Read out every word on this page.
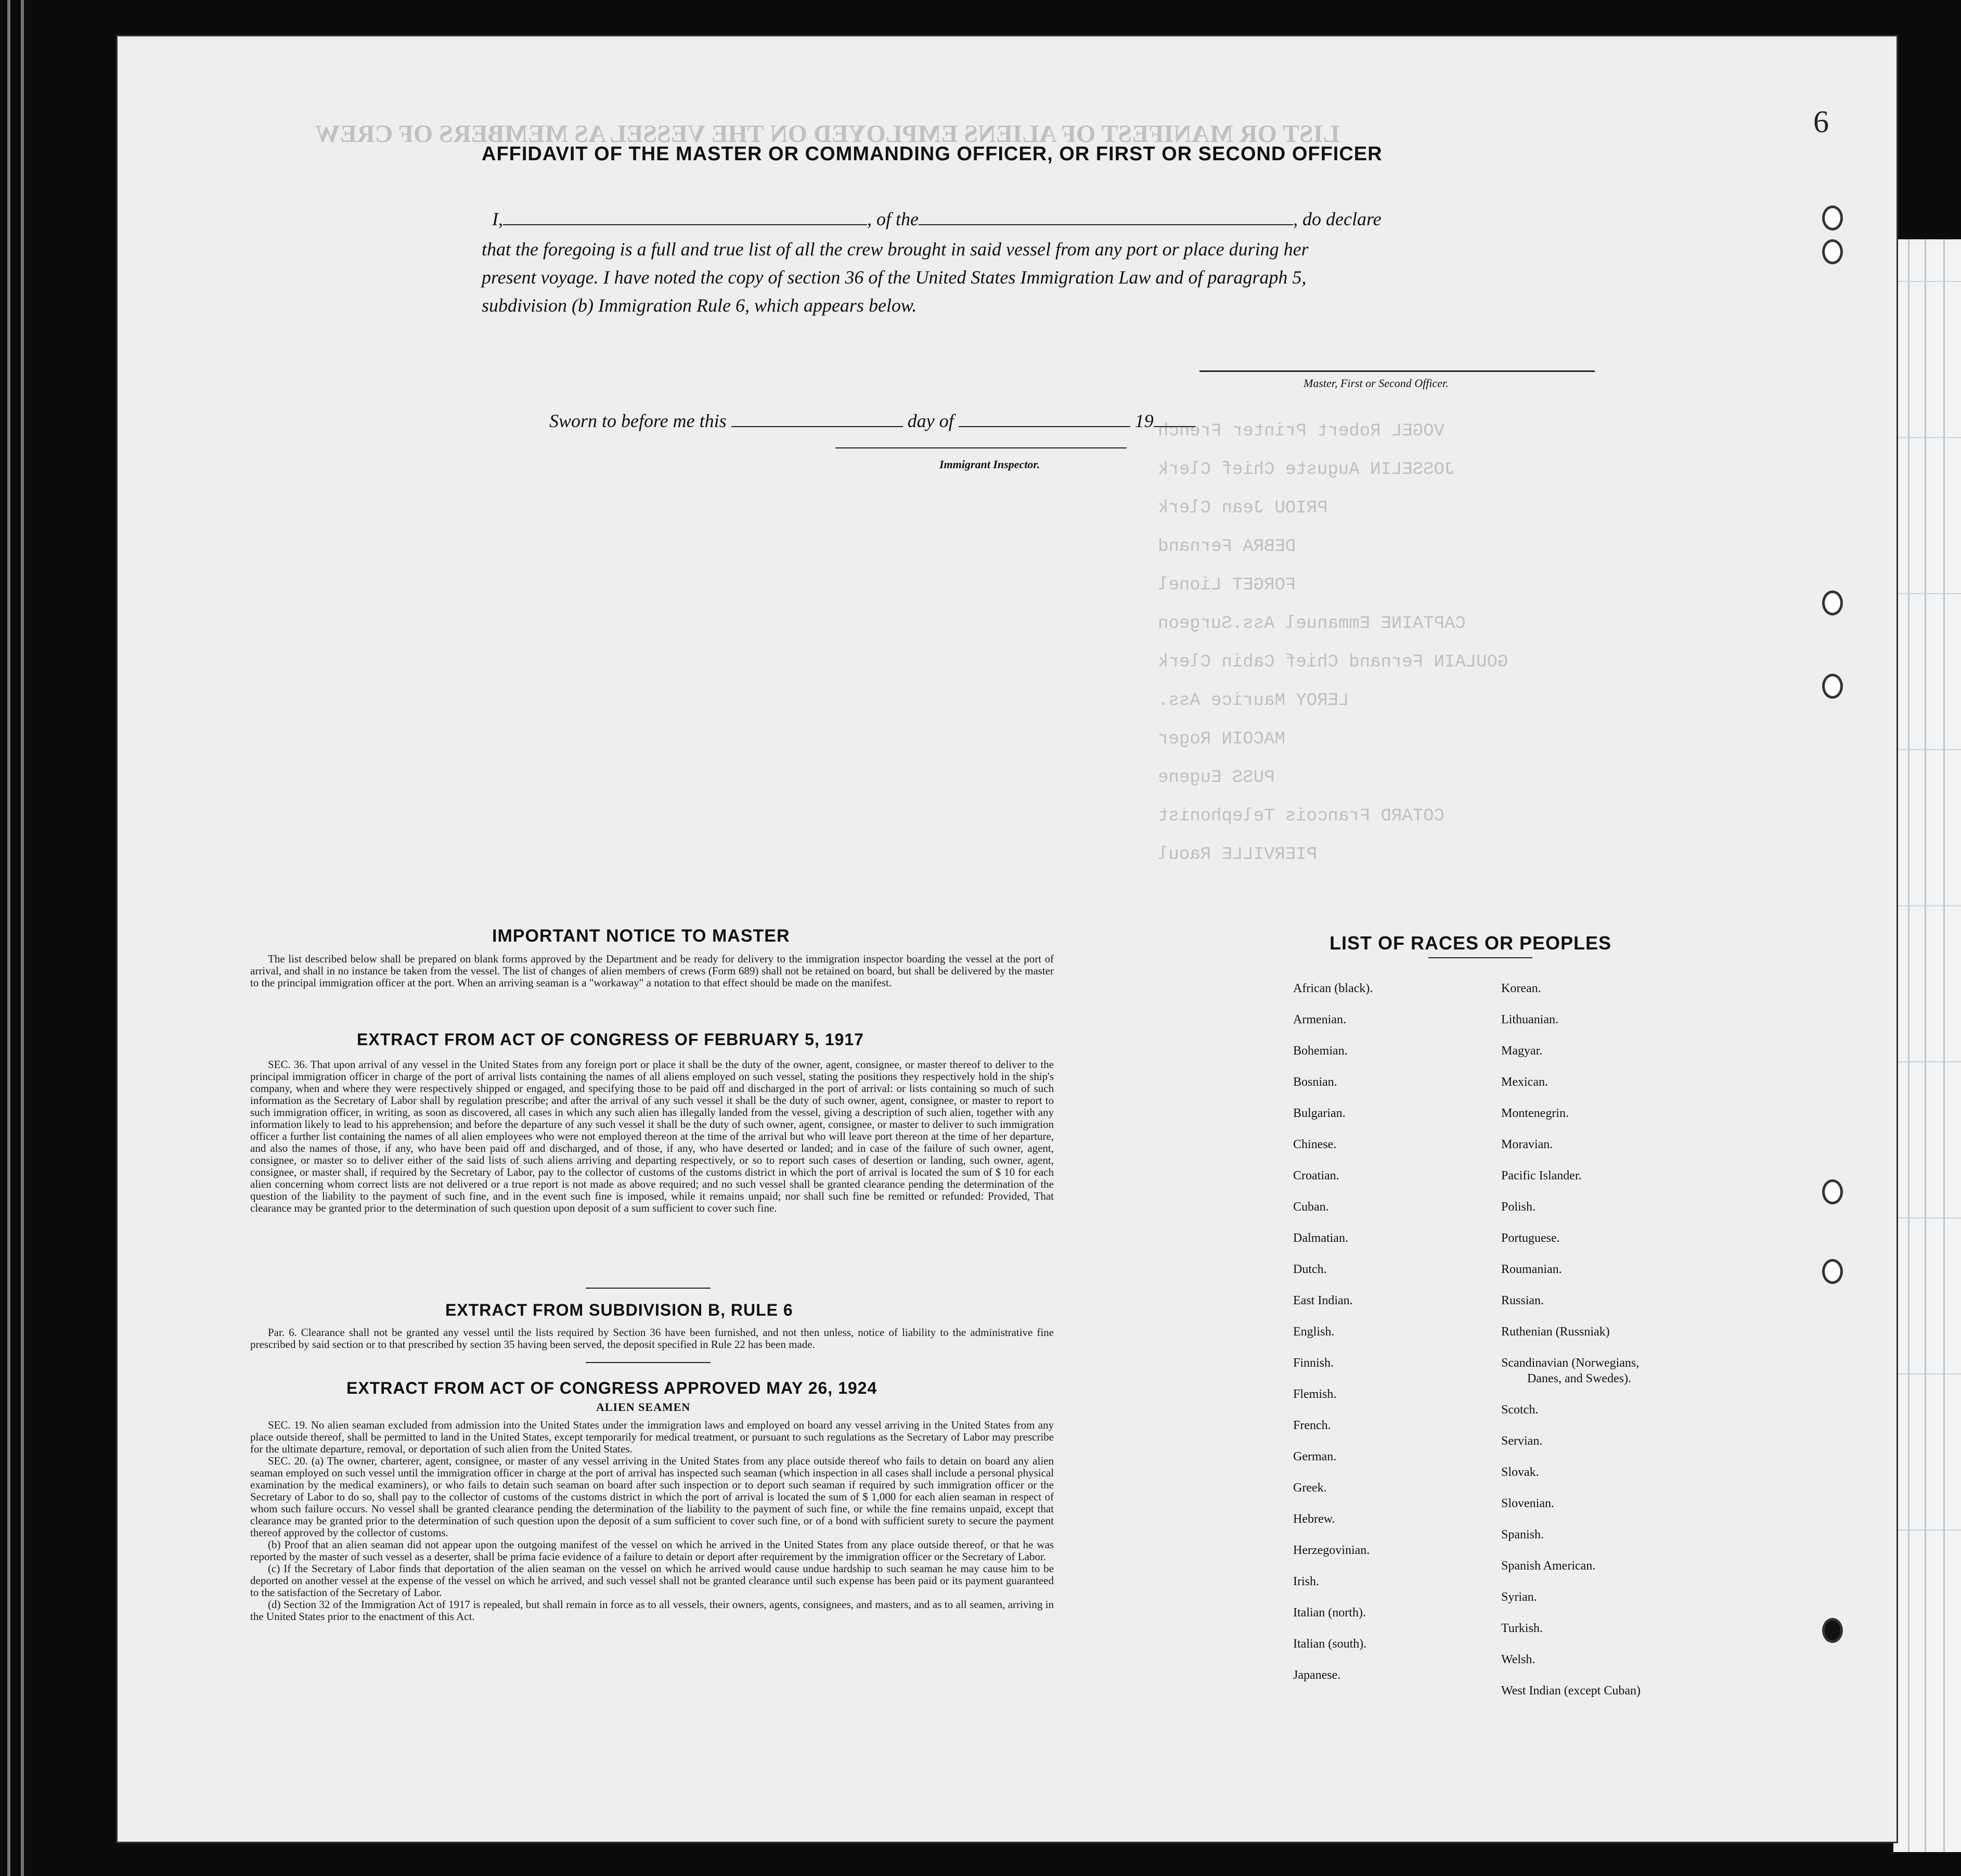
LIST OR MANIFEST OF ALIENS EMPLOYED ON THE VESSEL AS MEMBERS OF CREW
VOGEL Robert Printer French
JOSSELIN Auguste Chief Clerk
PRIOU Jean Clerk
DEBRA Fernand
FORGET Lionel
CAPTAINE Emmanuel Ass.Surgeon
GOULAIN Fernand Chief Cabin Clerk
LEROY Maurice Ass.
MACOIN Roger
PUSS Eugene
COTARD Francois Telephonist
PIERVILLE Raoul
6
AFFIDAVIT OF THE MASTER OR COMMANDING OFFICER, OR FIRST OR SECOND OFFICER
I,	, of the	, do declare
that the foregoing is a full and true list of all the crew brought in said vessel from any port or place during her
present voyage. I have noted the copy of section 36 of the United States Immigration Law and of paragraph 5,
subdivision (b) Immigration Rule 6, which appears below.
Master, First or Second Officer.
Sworn to before me this	day of	19
Immigrant Inspector.
IMPORTANT NOTICE TO MASTER

The list described below shall be prepared on blank forms approved by the Department and be ready for delivery to the immigration inspector boarding the vessel at the port of arrival, and shall in no instance be taken from the vessel. The list of changes of alien members of crews (Form 689) shall not be retained on board, but shall be delivered by the master to the principal immigration officer at the port. When an arriving seaman is a "workaway" a notation to that effect should be made on the manifest.

EXTRACT FROM ACT OF CONGRESS OF FEBRUARY 5, 1917

SEC. 36. That upon arrival of any vessel in the United States from any foreign port or place it shall be the duty of the owner, agent, consignee, or master thereof to deliver to the principal immigration officer in charge of the port of arrival lists containing the names of all aliens employed on such vessel, stating the positions they respectively hold in the ship's company, when and where they were respectively shipped or engaged, and specifying those to be paid off and discharged in the port of arrival: or lists containing so much of such information as the Secretary of Labor shall by regulation prescribe; and after the arrival of any such vessel it shall be the duty of such owner, agent, consignee, or master to report to such immigration officer, in writing, as soon as discovered, all cases in which any such alien has illegally landed from the vessel, giving a description of such alien, together with any information likely to lead to his apprehension; and before the departure of any such vessel it shall be the duty of such owner, agent, consignee, or master to deliver to such immigration officer a further list containing the names of all alien employees who were not employed thereon at the time of the arrival but who will leave port thereon at the time of her departure, and also the names of those, if any, who have been paid off and discharged, and of those, if any, who have deserted or landed; and in case of the failure of such owner, agent, consignee, or master so to deliver either of the said lists of such aliens arriving and departing respectively, or so to report such cases of desertion or landing, such owner, agent, consignee, or master shall, if required by the Secretary of Labor, pay to the collector of customs of the customs district in which the port of arrival is located the sum of $ 10 for each alien concerning whom correct lists are not delivered or a true report is not made as above required; and no such vessel shall be granted clearance pending the determination of the question of the liability to the payment of such fine, and in the event such fine is imposed, while it remains unpaid; nor shall such fine be remitted or refunded: Provided, That clearance may be granted prior to the determination of such question upon deposit of a sum sufficient to cover such fine.

EXTRACT FROM SUBDIVISION B, RULE 6

Par. 6. Clearance shall not be granted any vessel until the lists required by Section 36 have been furnished, and not then unless, notice of liability to the administrative fine prescribed by said section or to that prescribed by section 35 having been served, the deposit specified in Rule 22 has been made.

EXTRACT FROM ACT OF CONGRESS APPROVED MAY 26, 1924
ALIEN SEAMEN

SEC. 19. No alien seaman excluded from admission into the United States under the immigration laws and employed on board any vessel arriving in the United States from any place outside thereof, shall be permitted to land in the United States, except temporarily for medical treatment, or pursuant to such regulations as the Secretary of Labor may prescribe for the ultimate departure, removal, or deportation of such alien from the United States.

SEC. 20. (a) The owner, charterer, agent, consignee, or master of any vessel arriving in the United States from any place outside thereof who fails to detain on board any alien seaman employed on such vessel until the immigration officer in charge at the port of arrival has inspected such seaman (which inspection in all cases shall include a personal physical examination by the medical examiners), or who fails to detain such seaman on board after such inspection or to deport such seaman if required by such immigration officer or the Secretary of Labor to do so, shall pay to the collector of customs of the customs district in which the port of arrival is located the sum of $ 1,000 for each alien seaman in respect of whom such failure occurs. No vessel shall be granted clearance pending the determination of the liability to the payment of such fine, or while the fine remains unpaid, except that clearance may be granted prior to the determination of such question upon the deposit of a sum sufficient to cover such fine, or of a bond with sufficient surety to secure the payment thereof approved by the collector of customs.

(b) Proof that an alien seaman did not appear upon the outgoing manifest of the vessel on which he arrived in the United States from any place outside thereof, or that he was reported by the master of such vessel as a deserter, shall be prima facie evidence of a failure to detain or deport after requirement by the immigration officer or the Secretary of Labor.

(c) If the Secretary of Labor finds that deportation of the alien seaman on the vessel on which he arrived would cause undue hardship to such seaman he may cause him to be deported on another vessel at the expense of the vessel on which he arrived, and such vessel shall not be granted clearance until such expense has been paid or its payment guaranteed to the satisfaction of the Secretary of Labor.

(d) Section 32 of the Immigration Act of 1917 is repealed, but shall remain in force as to all vessels, their owners, agents, consignees, and masters, and as to all seamen, arriving in the United States prior to the enactment of this Act.

LIST OF RACES OR PEOPLES
African (black).
Armenian.
Bohemian.
Bosnian.
Bulgarian.
Chinese.
Croatian.
Cuban.
Dalmatian.
Dutch.
East Indian.
English.
Finnish.
Flemish.
French.
German.
Greek.
Hebrew.
Herzegovinian.
Irish.
Italian (north).
Italian (south).
Japanese.
Korean.
Lithuanian.
Magyar.
Mexican.
Montenegrin.
Moravian.
Pacific Islander.
Polish.
Portuguese.
Roumanian.
Russian.
Ruthenian (Russniak)
Scandinavian (Norwegians,
Danes, and Swedes).
Scotch.
Servian.
Slovak.
Slovenian.
Spanish.
Spanish American.
Syrian.
Turkish.
Welsh.
West Indian (except Cuban)
